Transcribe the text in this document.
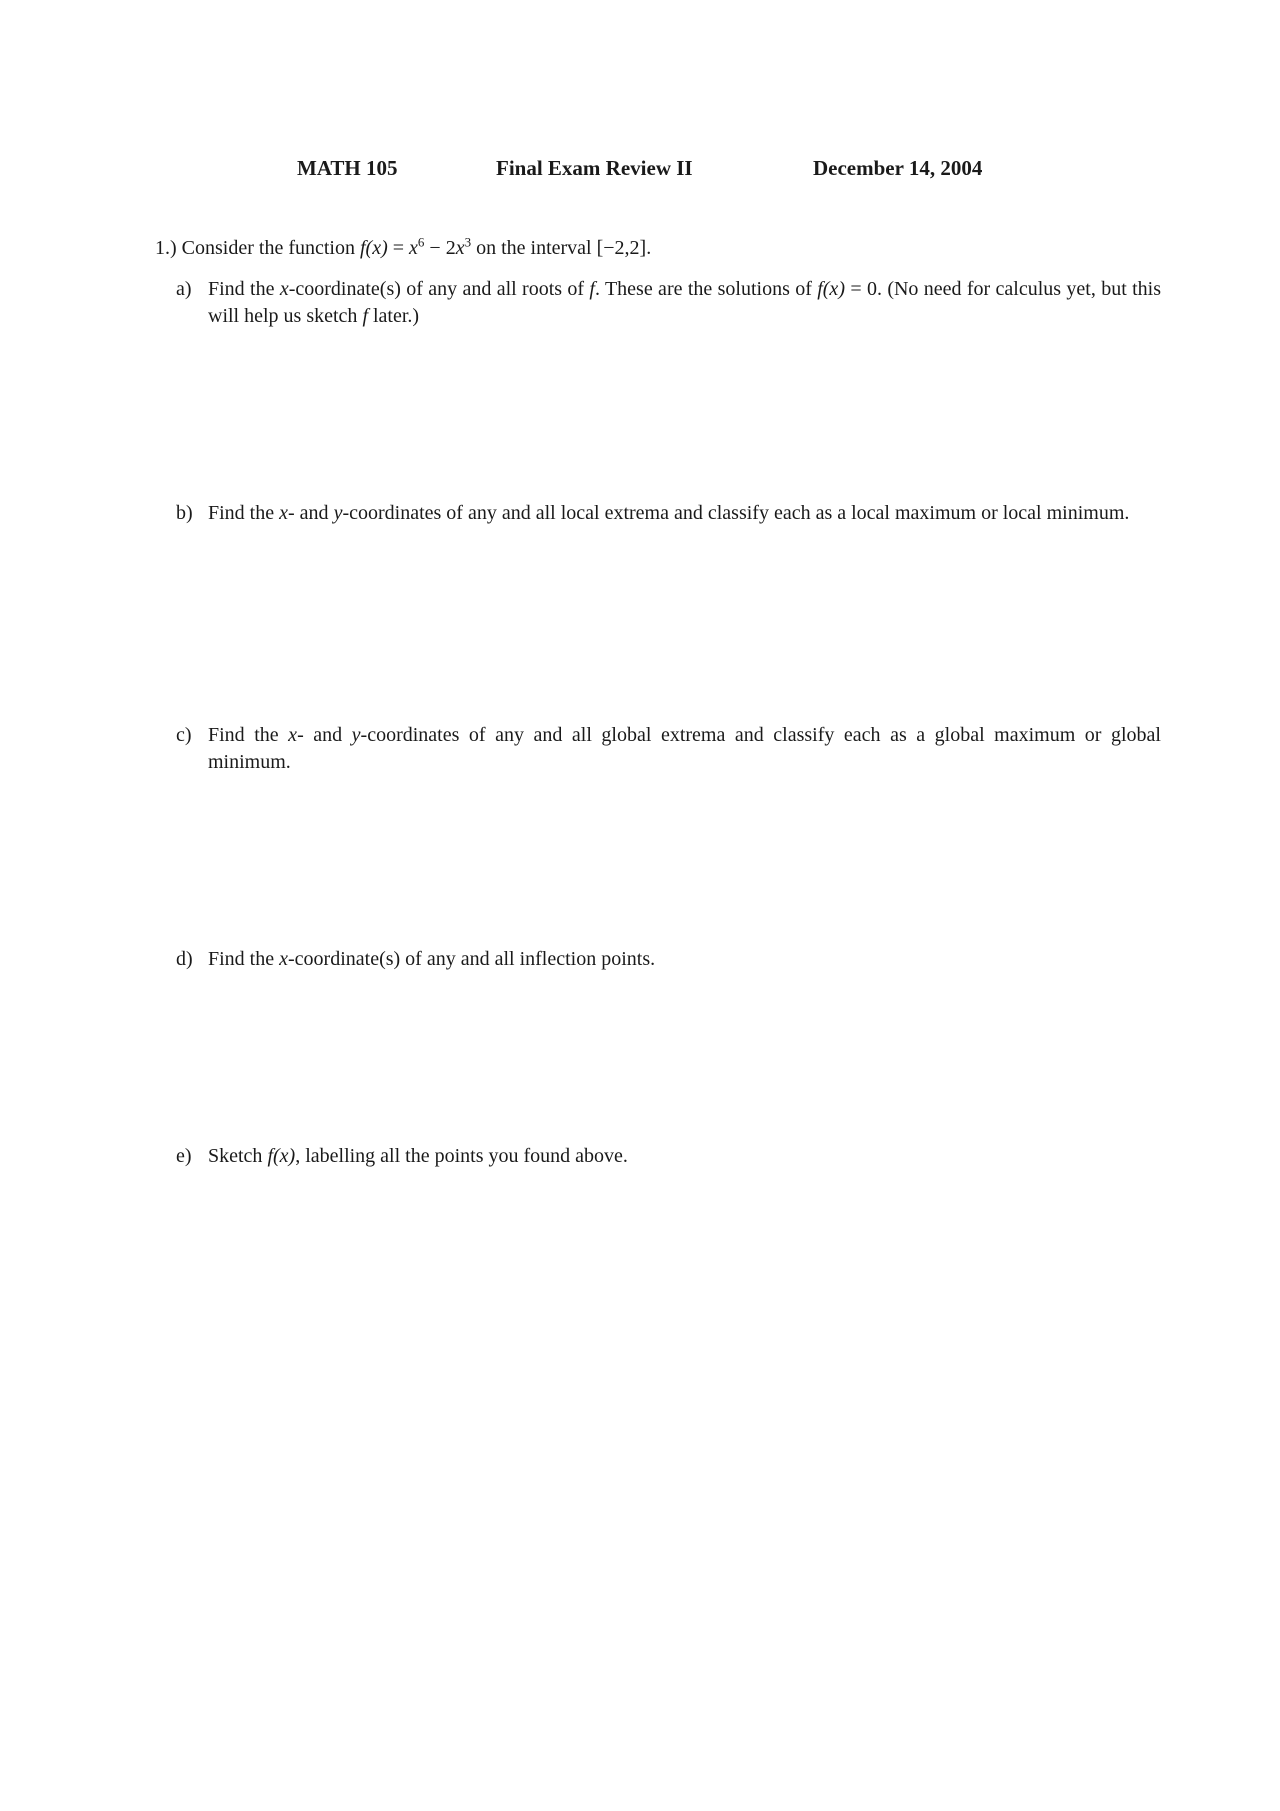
MATH 105	Final Exam Review II	December 14, 2004
1.) Consider the function $f(x) = x^6 - 2x^3$ on the interval [−2,2].
a) Find the x-coordinate(s) of any and all roots of f. These are the solutions of f(x) = 0. (No need for calculus yet, but this will help us sketch f later.)
b) Find the x- and y-coordinates of any and all local extrema and classify each as a local maximum or local minimum.
c) Find the x- and y-coordinates of any and all global extrema and classify each as a global maximum or global minimum.
d) Find the x-coordinate(s) of any and all inflection points.
e) Sketch f(x), labelling all the points you found above.
